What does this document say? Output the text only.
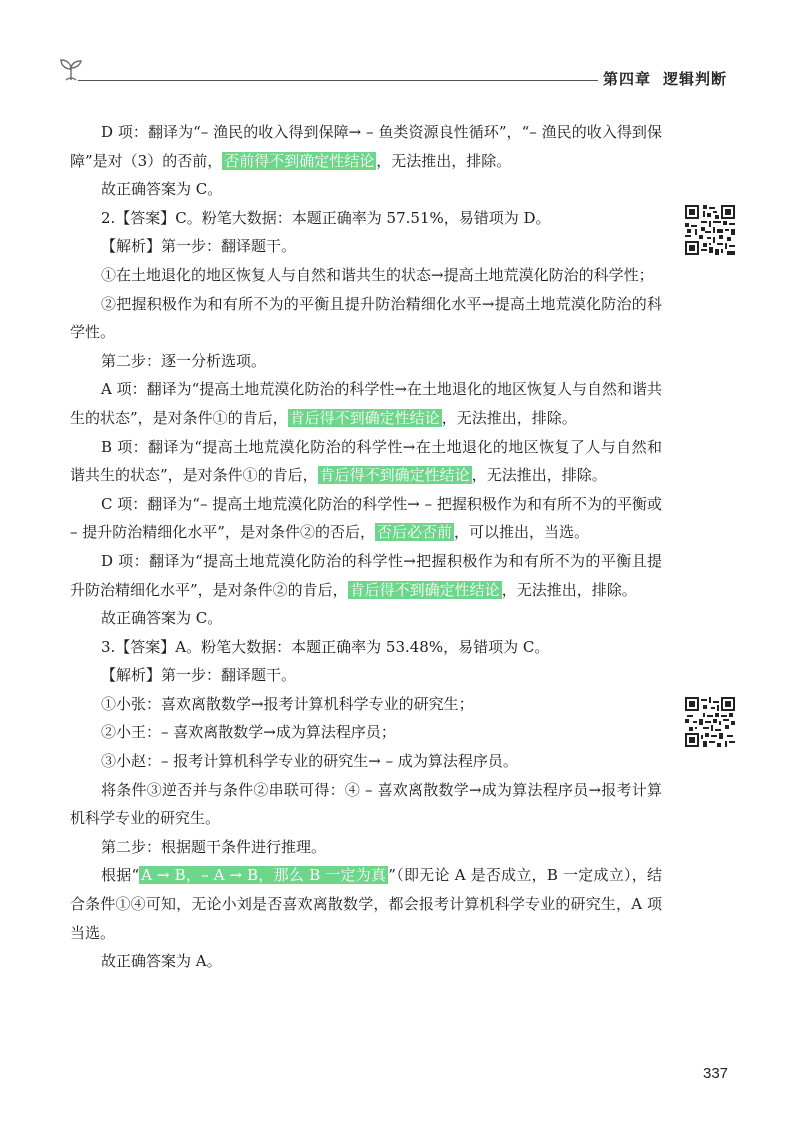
第四章 逻辑判断

D 项：翻译为“– 渔民的收入得到保障→ – 鱼类资源良性循环”，“– 渔民的收入得到保障”是对（3）的否前， 否前得不到确定性结论 ，无法推出，排除。

故正确答案为 C。

2.【答案】C。粉笔大数据：本题正确率为 57.51%，易错项为 D。

【解析】第一步：翻译题干。

①在土地退化的地区恢复人与自然和谐共生的状态→提高土地荒漠化防治的科学性；

②把握积极作为和有所不为的平衡且提升防治精细化水平→提高土地荒漠化防治的科学性。

第二步：逐一分析选项。

A 项：翻译为“提高土地荒漠化防治的科学性→在土地退化的地区恢复人与自然和谐共生的状态”，是对条件①的肯后， 肯后得不到确定性结论 ，无法推出，排除。

B 项：翻译为“提高土地荒漠化防治的科学性→在土地退化的地区恢复了人与自然和谐共生的状态”，是对条件①的肯后， 肯后得不到确定性结论 ，无法推出，排除。

C 项：翻译为“– 提高土地荒漠化防治的科学性→ – 把握积极作为和有所不为的平衡或 – 提升防治精细化水平”，是对条件②的否后， 否后必否前 ，可以推出，当选。

D 项：翻译为“提高土地荒漠化防治的科学性→把握积极作为和有所不为的平衡且提升防治精细化水平”，是对条件②的肯后， 肯后得不到确定性结论 ，无法推出，排除。

故正确答案为 C。

3.【答案】A。粉笔大数据：本题正确率为 53.48%，易错项为 C。

【解析】第一步：翻译题干。

①小张：喜欢离散数学→报考计算机科学专业的研究生；

②小王：– 喜欢离散数学→成为算法程序员；

③小赵：– 报考计算机科学专业的研究生→ – 成为算法程序员。

将条件③逆否并与条件②串联可得：④ – 喜欢离散数学→成为算法程序员→报考计算机科学专业的研究生。

第二步：根据题干条件进行推理。

根据“ A → B，– A → B，那么 B 一定为真 ”（即无论 A 是否成立，B 一定成立），结合条件①④可知，无论小刘是否喜欢离散数学，都会报考计算机科学专业的研究生，A 项当选。

故正确答案为 A。

337
